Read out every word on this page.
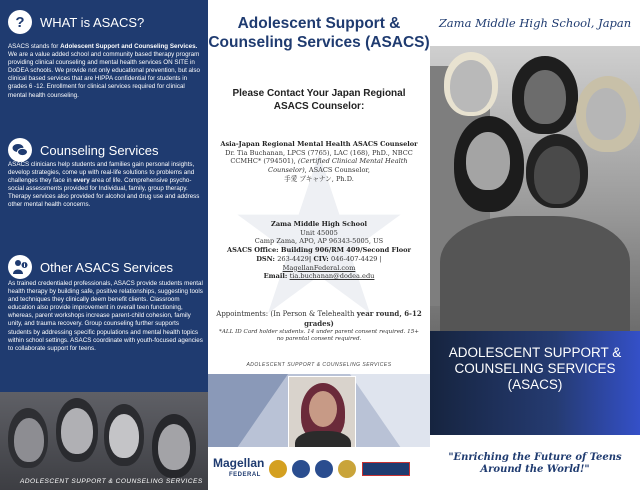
?	WHAT is ASACS?

ASACS stands for Adolescent Support and Counseling Services. We are a value added school and community based therapy program providing clinical counseling and mental health services ON SITE in DoDEA schools. We provide not only educational prevention, but also clinical based services that are HIPPA confidential for students in grades 6 -12. Enrollment for clinical services required for clinical mental health counseling.

Counseling Services

ASACS clinicians help students and families gain personal insights, develop strategies, come up with real-life solutions to problems and challenges they face in every area of life. Comprehensive psycho-social assessments provided for Individual, family, group therapy. Therapy services also provided for alcohol and drug use and address other mental health concerns.

Other ASACS Services

As trained credentialed professionals, ASACS provide students mental health therapy by building safe, positive relationships, suggesting tools and techniques they clinically deem benefit clients. Classroom education also provide improvement in overall teen functioning, whereas, parent workshops increase parent-child cohesion, family unity, and trauma recovery. Group counseling further supports students by addressing specific populations and mental health topics within school settings. ASACS coordinate with youth-focused agencies to collaborate support for teens.

ADOLESCENT SUPPORT & COUNSELING SERVICES
Adolescent Support & Counseling Services (ASACS)
Please Contact Your Japan Regional ASACS Counselor:
Asia-Japan Regional Mental Health ASACS Counselor
Dr. Tia Buchanan, LPCS (7765), LAC (168), PhD., NBCC CCMHC* (794501), (Certified Clinical Mental Health Counselor), ASACS Counselor,
手愛 ブキャナン, Ph.D.
Zama Middle High School
Unit 45005
Camp Zama, APO, AP 96343-5005, US
ASACS Office: Building 906/RM 409/Second Floor
DSN: 263-4429| CIV: 046-407-4429 |
MagellanFederal.com
Email: tia.buchanan@dodea.edu
Appointments: (In Person & Telehealth year round, 6-12 grades)
*ALL ID Card holder students. 14 under parent consent required. 15+ no parental consent required.
ADOLESCENT SUPPORT & COUNSELING SERVICES
Magellan
FEDERAL
Zama Middle High School, Japan
ADOLESCENT SUPPORT &
COUNSELING SERVICES
(ASACS)
"Enriching the Future of Teens Around the World!"
